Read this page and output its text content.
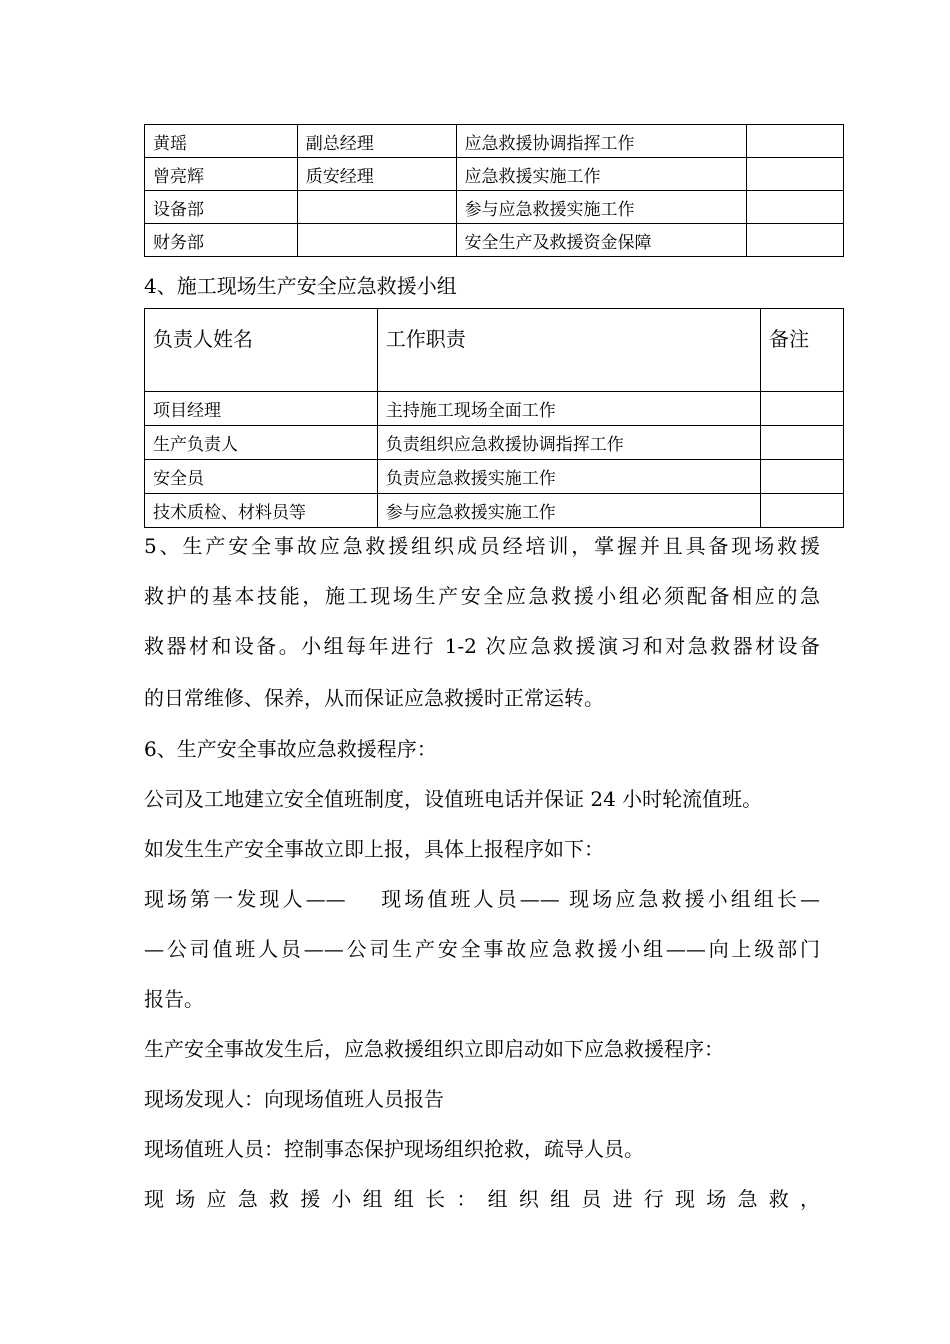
黄瑶	副总经理	应急救援协调指挥工作	
曾亮辉	质安经理	应急救援实施工作	
设备部		参与应急救援实施工作	
财务部		安全生产及救援资金保障	
4、施工现场生产安全应急救援小组
负责人姓名	工作职责	备注
项目经理	主持施工现场全面工作	
生产负责人	负责组织应急救援协调指挥工作	
安全员	负责应急救援实施工作	
技术质检、材料员等	参与应急救援实施工作	
5、生产安全事故应急救援组织成员经培训，掌握并且具备现场救援
救护的基本技能，施工现场生产安全应急救援小组必须配备相应的急
救器材和设备。小组每年进行 1-2 次应急救援演习和对急救器材设备
的日常维修、保养，从而保证应急救援时正常运转。
6、生产安全事故应急救援程序：
公司及工地建立安全值班制度，设值班电话并保证 24 小时轮流值班。
如发生生产安全事故立即上报，具体上报程序如下：
现场第一发现人——　 现场值班人员—— 现场应急救援小组组长—
—公司值班人员——公司生产安全事故应急救援小组——向上级部门
报告。
生产安全事故发生后，应急救援组织立即启动如下应急救援程序：
现场发现人：向现场值班人员报告
现场值班人员：控制事态保护现场组织抢救，疏导人员。
现场应急救援小组组长：组织组员进行现场急救，
